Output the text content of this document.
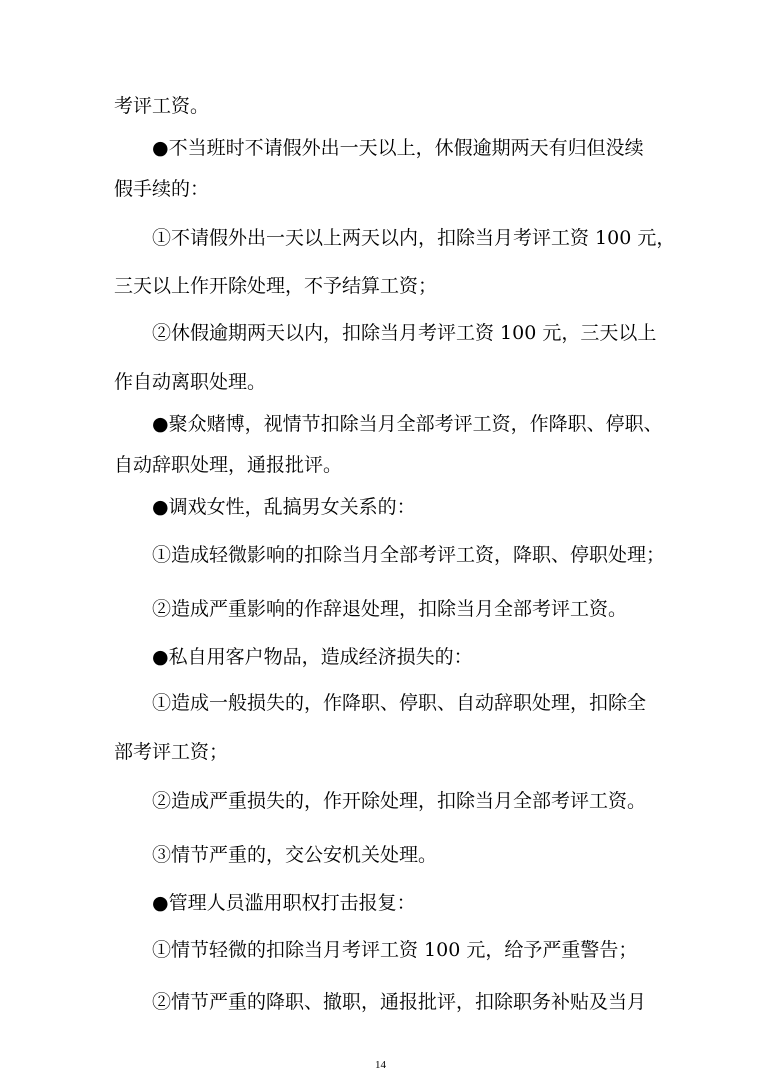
考评工资。
●不当班时不请假外出一天以上，休假逾期两天有归但没续
假手续的：
①不请假外出一天以上两天以内，扣除当月考评工资 100 元，
三天以上作开除处理，不予结算工资；
②休假逾期两天以内，扣除当月考评工资 100 元，三天以上
作自动离职处理。
●聚众赌博，视情节扣除当月全部考评工资，作降职、停职、
自动辞职处理，通报批评。
●调戏女性，乱搞男女关系的：
①造成轻微影响的扣除当月全部考评工资，降职、停职处理；
②造成严重影响的作辞退处理，扣除当月全部考评工资。
●私自用客户物品，造成经济损失的：
①造成一般损失的，作降职、停职、自动辞职处理，扣除全
部考评工资；
②造成严重损失的，作开除处理，扣除当月全部考评工资。
③情节严重的，交公安机关处理。
●管理人员滥用职权打击报复：
①情节轻微的扣除当月考评工资 100 元，给予严重警告；
②情节严重的降职、撤职，通报批评，扣除职务补贴及当月
14
